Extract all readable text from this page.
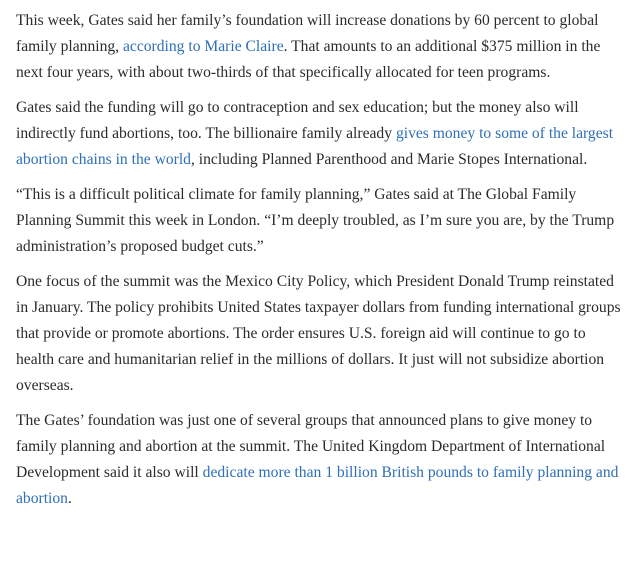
This week, Gates said her family’s foundation will increase donations by 60 percent to global family planning, according to Marie Claire. That amounts to an additional $375 million in the next four years, with about two-thirds of that specifically allocated for teen programs.

Gates said the funding will go to contraception and sex education; but the money also will indirectly fund abortions, too. The billionaire family already gives money to some of the largest abortion chains in the world, including Planned Parenthood and Marie Stopes International.

“This is a difficult political climate for family planning,” Gates said at The Global Family Planning Summit this week in London. “I’m deeply troubled, as I’m sure you are, by the Trump administration’s proposed budget cuts.”

One focus of the summit was the Mexico City Policy, which President Donald Trump reinstated in January. The policy prohibits United States taxpayer dollars from funding international groups that provide or promote abortions. The order ensures U.S. foreign aid will continue to go to health care and humanitarian relief in the millions of dollars. It just will not subsidize abortion overseas.

The Gates’ foundation was just one of several groups that announced plans to give money to family planning and abortion at the summit. The United Kingdom Department of International Development said it also will dedicate more than 1 billion British pounds to family planning and abortion.
